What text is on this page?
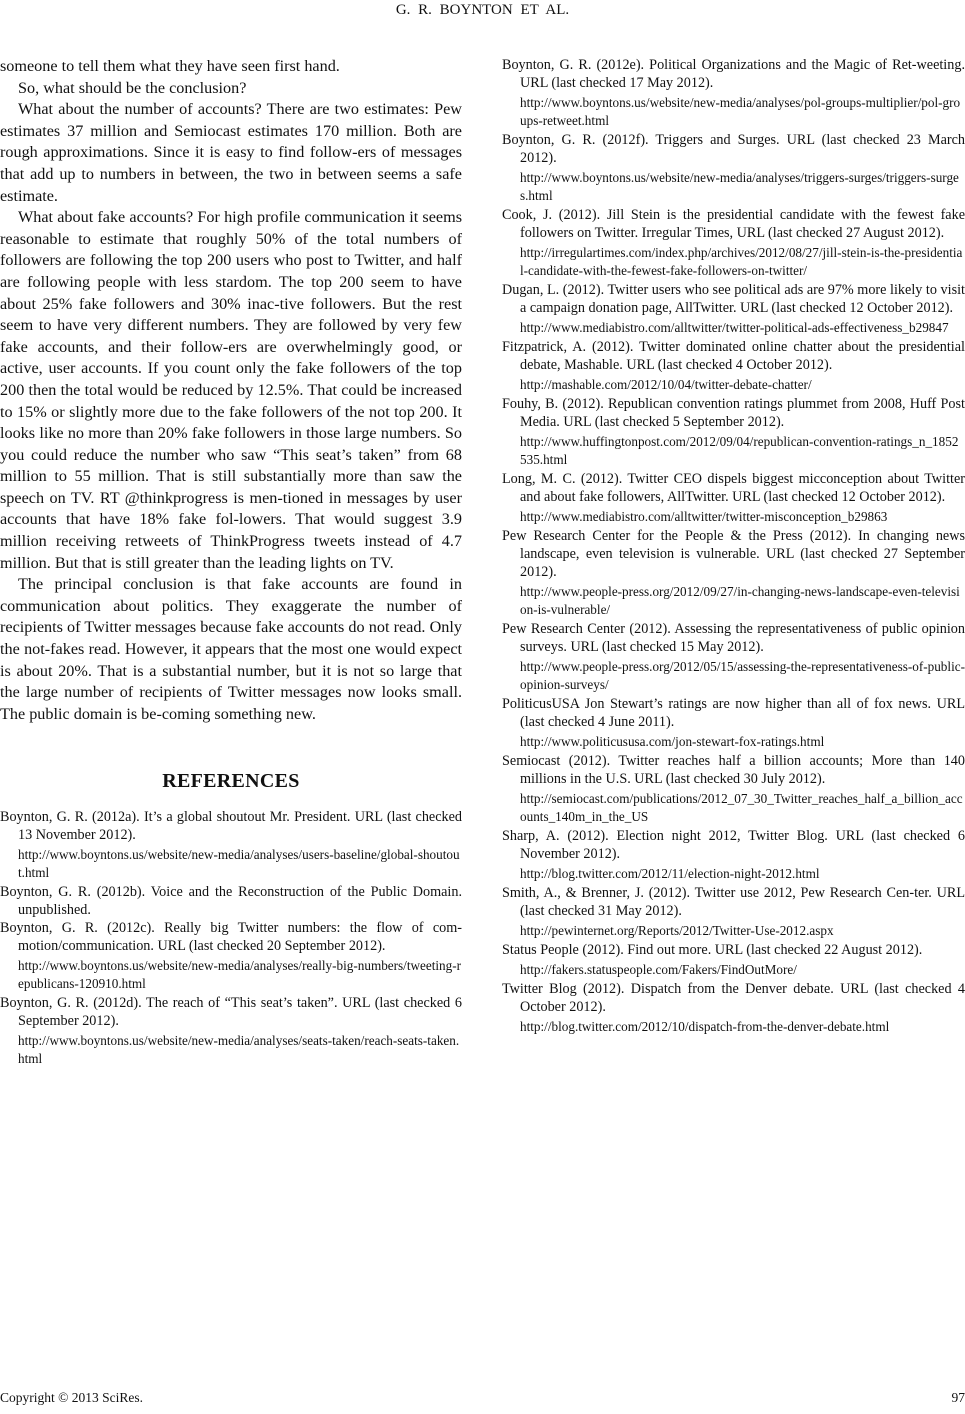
G. R. BOYNTON ET AL.

someone to tell them what they have seen first hand.

So, what should be the conclusion?

What about the number of accounts? There are two estimates: Pew estimates 37 million and Semiocast estimates 170 million. Both are rough approximations. Since it is easy to find follow-ers of messages that add up to numbers in between, the two in between seems a safe estimate.

What about fake accounts? For high profile communication it seems reasonable to estimate that roughly 50% of the total numbers of followers are following the top 200 users who post to Twitter, and half are following people with less stardom. The top 200 seem to have about 25% fake followers and 30% inac-tive followers. But the rest seem to have very different numbers. They are followed by very few fake accounts, and their follow-ers are overwhelmingly good, or active, user accounts. If you count only the fake followers of the top 200 then the total would be reduced by 12.5%. That could be increased to 15% or slightly more due to the fake followers of the not top 200. It looks like no more than 20% fake followers in those large numbers. So you could reduce the number who saw “This seat’s taken” from 68 million to 55 million. That is still substantially more than saw the speech on TV. RT @thinkprogress is men-tioned in messages by user accounts that have 18% fake fol-lowers. That would suggest 3.9 million receiving retweets of ThinkProgress tweets instead of 4.7 million. But that is still greater than the leading lights on TV.

The principal conclusion is that fake accounts are found in communication about politics. They exaggerate the number of recipients of Twitter messages because fake accounts do not read. Only the not-fakes read. However, it appears that the most one would expect is about 20%. That is a substantial number, but it is not so large that the large number of recipients of Twitter messages now looks small. The public domain is be-coming something new.

REFERENCES
Boynton, G. R. (2012a). It’s a global shoutout Mr. President. URL (last checked 13 November 2012).
http://www.boyntons.us/website/new-media/analyses/users-baseline/global-shoutout.html
Boynton, G. R. (2012b). Voice and the Reconstruction of the Public Domain. unpublished.
Boynton, G. R. (2012c). Really big Twitter numbers: the flow of com-motion/communication. URL (last checked 20 September 2012).
http://www.boyntons.us/website/new-media/analyses/really-big-numbers/tweeting-republicans-120910.html
Boynton, G. R. (2012d). The reach of “This seat’s taken”. URL (last checked 6 September 2012).
http://www.boyntons.us/website/new-media/analyses/seats-taken/reach-seats-taken.html
Boynton, G. R. (2012e). Political Organizations and the Magic of Ret-weeting. URL (last checked 17 May 2012).
http://www.boyntons.us/website/new-media/analyses/pol-groups-multiplier/pol-groups-retweet.html
Boynton, G. R. (2012f). Triggers and Surges. URL (last checked 23 March 2012).
http://www.boyntons.us/website/new-media/analyses/triggers-surges/triggers-surges.html
Cook, J. (2012). Jill Stein is the presidential candidate with the fewest fake followers on Twitter. Irregular Times, URL (last checked 27 August 2012).
http://irregulartimes.com/index.php/archives/2012/08/27/jill-stein-is-the-presidential-candidate-with-the-fewest-fake-followers-on-twitter/
Dugan, L. (2012). Twitter users who see political ads are 97% more likely to visit a campaign donation page, AllTwitter. URL (last checked 12 October 2012).
http://www.mediabistro.com/alltwitter/twitter-political-ads-effectiveness_b29847
Fitzpatrick, A. (2012). Twitter dominated online chatter about the presidential debate, Mashable. URL (last checked 4 October 2012).
http://mashable.com/2012/10/04/twitter-debate-chatter/
Fouhy, B. (2012). Republican convention ratings plummet from 2008, Huff Post Media. URL (last checked 5 September 2012).
http://www.huffingtonpost.com/2012/09/04/republican-convention-ratings_n_1852535.html
Long, M. C. (2012). Twitter CEO dispels biggest micconception about Twitter and about fake followers, AllTwitter. URL (last checked 12 October 2012).
http://www.mediabistro.com/alltwitter/twitter-misconception_b29863
Pew Research Center for the People & the Press (2012). In changing news landscape, even television is vulnerable. URL (last checked 27 September 2012).
http://www.people-press.org/2012/09/27/in-changing-news-landscape-even-television-is-vulnerable/
Pew Research Center (2012). Assessing the representativeness of public opinion surveys. URL (last checked 15 May 2012).
http://www.people-press.org/2012/05/15/assessing-the-representativeness-of-public-opinion-surveys/
PoliticusUSA Jon Stewart’s ratings are now higher than all of fox news. URL (last checked 4 June 2011).
http://www.politicususa.com/jon-stewart-fox-ratings.html
Semiocast (2012). Twitter reaches half a billion accounts; More than 140 millions in the U.S. URL (last checked 30 July 2012).
http://semiocast.com/publications/2012_07_30_Twitter_reaches_half_a_billion_accounts_140m_in_the_US
Sharp, A. (2012). Election night 2012, Twitter Blog. URL (last checked 6 November 2012).
http://blog.twitter.com/2012/11/election-night-2012.html
Smith, A., & Brenner, J. (2012). Twitter use 2012, Pew Research Cen-ter. URL (last checked 31 May 2012).
http://pewinternet.org/Reports/2012/Twitter-Use-2012.aspx
Status People (2012). Find out more. URL (last checked 22 August 2012).
http://fakers.statuspeople.com/Fakers/FindOutMore/
Twitter Blog (2012). Dispatch from the Denver debate. URL (last checked 4 October 2012).
http://blog.twitter.com/2012/10/dispatch-from-the-denver-debate.html
Copyright © 2013 SciRes.	97
